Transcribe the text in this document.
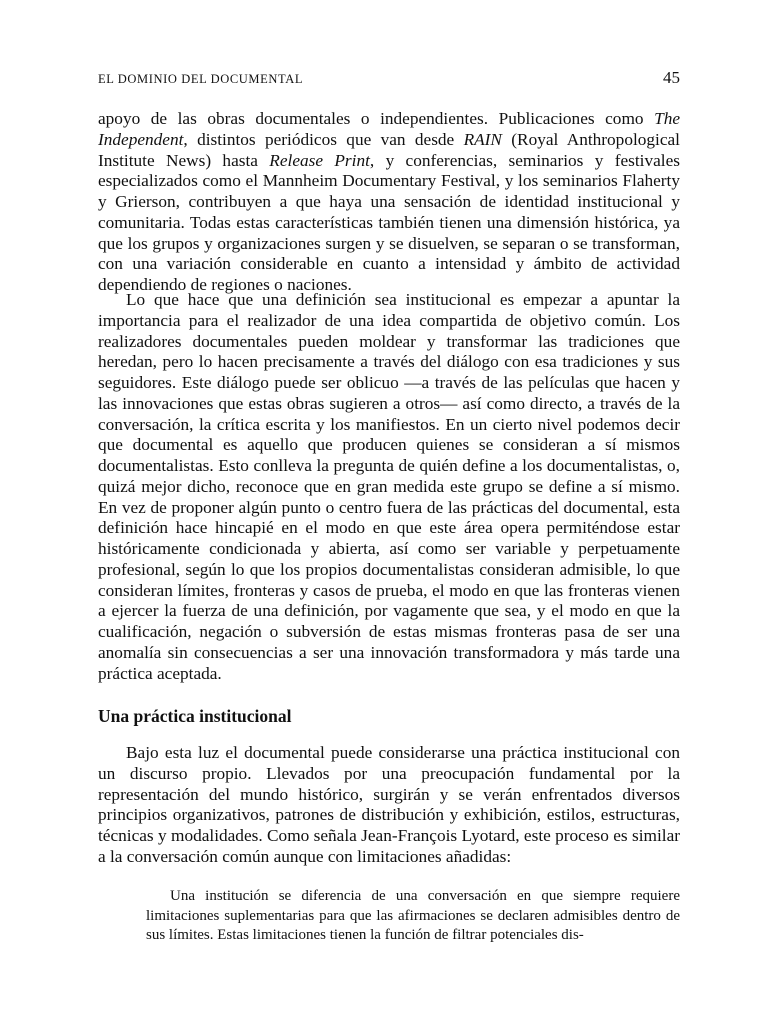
EL DOMINIO DEL DOCUMENTAL	45

apoyo de las obras documentales o independientes. Publicaciones como The Independent, distintos periódicos que van desde RAIN (Royal Anthropological Institute News) hasta Release Print, y conferencias, seminarios y festivales especializados como el Mannheim Documentary Festival, y los seminarios Flaherty y Grierson, contribuyen a que haya una sensación de identidad institucional y comunitaria. Todas estas características también tienen una dimensión histórica, ya que los grupos y organizaciones surgen y se disuelven, se separan o se transforman, con una variación considerable en cuanto a intensidad y ámbito de actividad dependiendo de regiones o naciones.

Lo que hace que una definición sea institucional es empezar a apuntar la importancia para el realizador de una idea compartida de objetivo común. Los realizadores documentales pueden moldear y transformar las tradiciones que heredan, pero lo hacen precisamente a través del diálogo con esa tradiciones y sus seguidores. Este diálogo puede ser oblicuo —a través de las películas que hacen y las innovaciones que estas obras sugieren a otros— así como directo, a través de la conversación, la crítica escrita y los manifiestos. En un cierto nivel podemos decir que documental es aquello que producen quienes se consideran a sí mismos documentalistas. Esto conlleva la pregunta de quién define a los documentalistas, o, quizá mejor dicho, reconoce que en gran medida este grupo se define a sí mismo. En vez de proponer algún punto o centro fuera de las prácticas del documental, esta definición hace hincapié en el modo en que este área opera permiténdose estar históricamente condicionada y abierta, así como ser variable y perpetuamente profesional, según lo que los propios documentalistas consideran admisible, lo que consideran límites, fronteras y casos de prueba, el modo en que las fronteras vienen a ejercer la fuerza de una definición, por vagamente que sea, y el modo en que la cualificación, negación o subversión de estas mismas fronteras pasa de ser una anomalía sin consecuencias a ser una innovación transformadora y más tarde una práctica aceptada.

Una práctica institucional

Bajo esta luz el documental puede considerarse una práctica institucional con un discurso propio. Llevados por una preocupación fundamental por la representación del mundo histórico, surgirán y se verán enfrentados diversos principios organizativos, patrones de distribución y exhibición, estilos, estructuras, técnicas y modalidades. Como señala Jean-François Lyotard, este proceso es similar a la conversación común aunque con limitaciones añadidas:

Una institución se diferencia de una conversación en que siempre requiere limitaciones suplementarias para que las afirmaciones se declaren admisibles dentro de sus límites. Estas limitaciones tienen la función de filtrar potenciales dis-
